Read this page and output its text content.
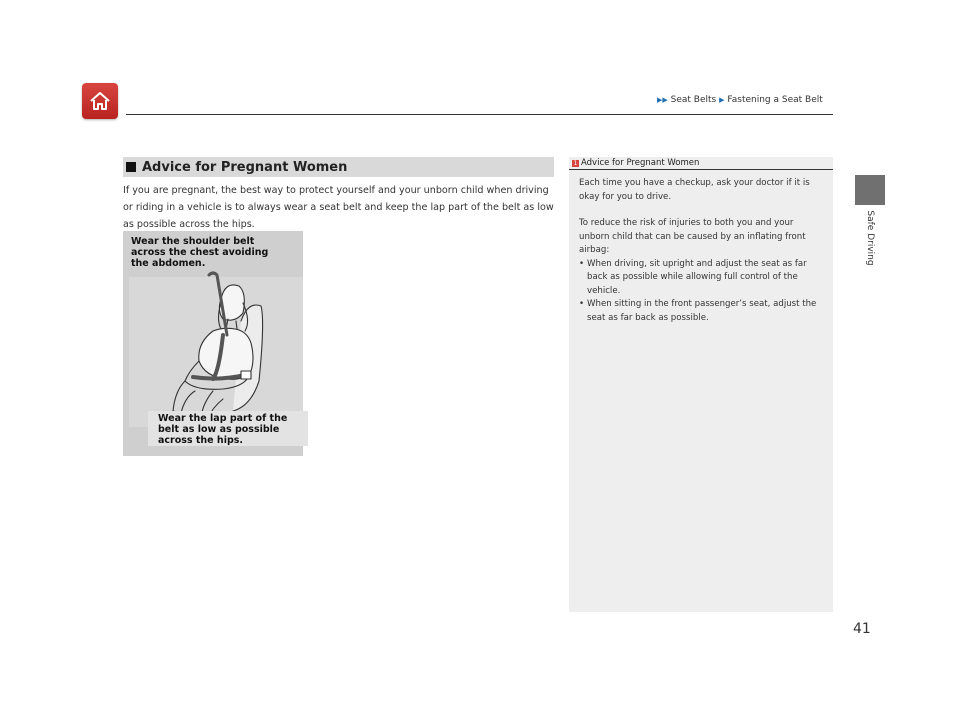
▶▶ Seat Belts ▶ Fastening a Seat Belt
Safe Driving
Advice for Pregnant Women
If you are pregnant, the best way to protect yourself and your unborn child when driving or riding in a vehicle is to always wear a seat belt and keep the lap part of the belt as low as possible across the hips.
Wear the shoulder belt
across the chest avoiding
the abdomen.
Wear the lap part of the
belt as low as possible
across the hips.
1 Advice for Pregnant Women

Each time you have a checkup, ask your doctor if it is okay for you to drive.

To reduce the risk of injuries to both you and your unborn child that can be caused by an inflating front airbag:

• When driving, sit upright and adjust the seat as far back as possible while allowing full control of the vehicle.
• When sitting in the front passenger’s seat, adjust the seat as far back as possible.
41
